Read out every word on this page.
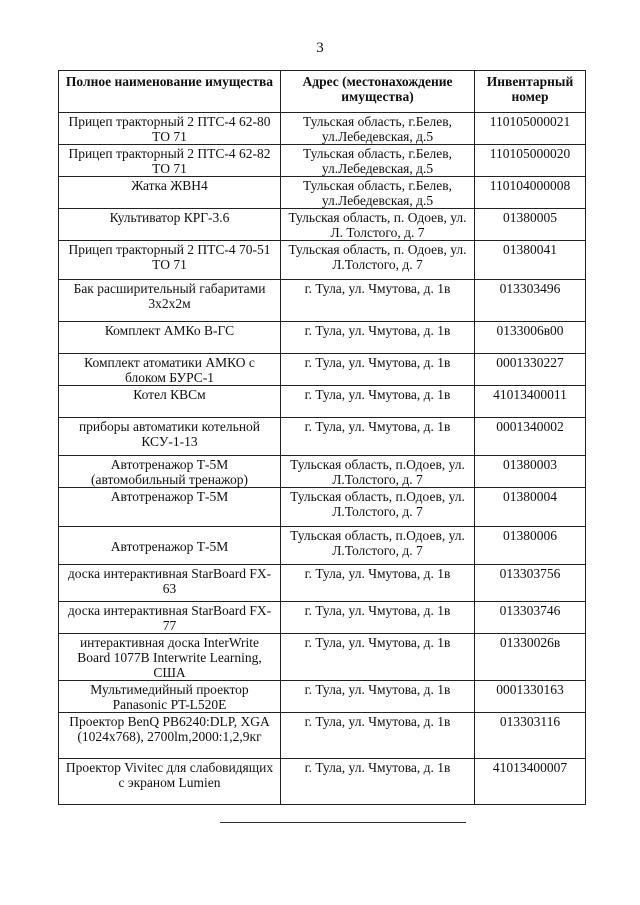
3
Полное наименование имущества	Адрес (местонахождение имущества)	Инвентарный номер
Прицеп тракторный 2 ПТС-4 62-80 ТО 71	Тульская область, г.Белев, ул.Лебедевская, д.5	110105000021
Прицеп тракторный 2 ПТС-4 62-82 ТО 71	Тульская область, г.Белев, ул.Лебедевская, д.5	110105000020
Жатка ЖВН4	Тульская область, г.Белев, ул.Лебедевская, д.5	110104000008
Культиватор КРГ-3.6	Тульская область, п. Одоев, ул. Л. Толстого, д. 7	01380005
Прицеп тракторный 2 ПТС-4 70-51 ТО 71	Тульская область, п. Одоев, ул. Л.Толстого, д. 7	01380041
Бак расширительный габаритами 3х2х2м	г. Тула, ул. Чмутова, д. 1в	013303496
Комплект АМКо В-ГС	г. Тула, ул. Чмутова, д. 1в	0133006в00
Комплект атоматики АМКО с блоком БУРС-1	г. Тула, ул. Чмутова, д. 1в	0001330227
Котел КВСм	г. Тула, ул. Чмутова, д. 1в	41013400011
приборы автоматики котельной КСУ-1-13	г. Тула, ул. Чмутова, д. 1в	0001340002
Автотренажор Т-5М (автомобильный тренажор)	Тульская область, п.Одоев, ул. Л.Толстого, д. 7	01380003
Автотренажор Т-5М	Тульская область, п.Одоев, ул. Л.Толстого, д. 7	01380004
Автотренажор Т-5М	Тульская область, п.Одоев, ул. Л.Толстого, д. 7	01380006
доска интерактивная StarBoard FX-63	г. Тула, ул. Чмутова, д. 1в	013303756
доска интерактивная StarBoard FX-77	г. Тула, ул. Чмутова, д. 1в	013303746
интерактивная доска InterWrite Board 1077B Interwrite Learning, США	г. Тула, ул. Чмутова, д. 1в	01330026в
Мультимедийный проектор Panasonic PT-L520E	г. Тула, ул. Чмутова, д. 1в	0001330163
Проектор BenQ PB6240:DLP, XGA (1024x768), 2700lm,2000:1,2,9кг	г. Тула, ул. Чмутова, д. 1в	013303116
Проектор Vivitec для слабовидящих с экраном Lumien	г. Тула, ул. Чмутова, д. 1в	41013400007
